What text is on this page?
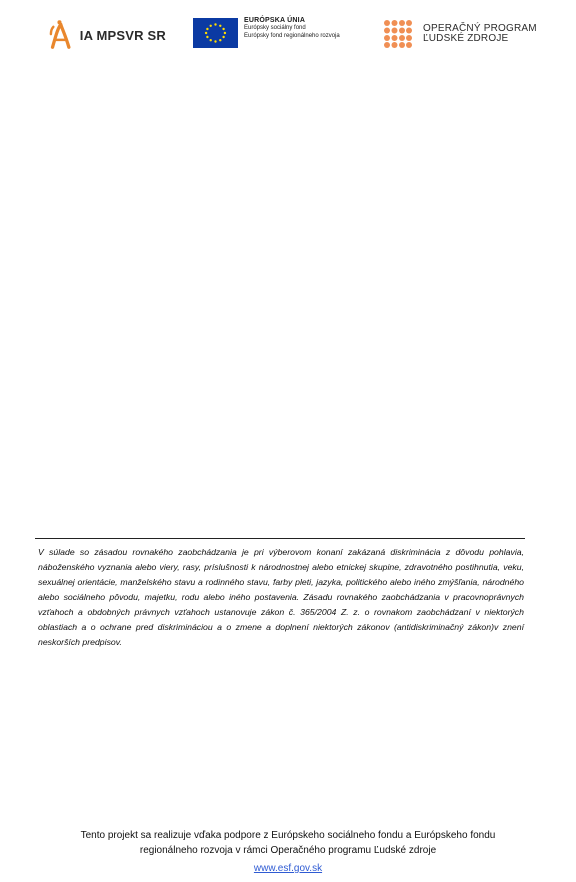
IA MPSVR SR
EURÓPSKA ÚNIA
Európsky sociálny fond
Európsky fond regionálneho rozvoja
OPERAČNÝ PROGRAM
ĽUDSKÉ ZDROJE

V súlade so zásadou rovnakého zaobchádzania je pri výberovom konaní zakázaná diskriminácia z dôvodu pohlavia, náboženského vyznania alebo viery, rasy, príslušnosti k národnostnej alebo etnickej skupine, zdravotného postihnutia, veku, sexuálnej orientácie, manželského stavu a rodinného stavu, farby pleti, jazyka, politického alebo iného zmýšľania, národného alebo sociálneho pôvodu, majetku, rodu alebo iného postavenia. Zásadu rovnakého zaobchádzania v pracovnoprávnych vzťahoch a obdobných právnych vzťahoch ustanovuje zákon č. 365/2004 Z. z. o rovnakom zaobchádzaní v niektorých oblastiach a o ochrane pred diskrimináciou a o zmene a doplnení niektorých zákonov (antidiskriminačný zákon)v znení neskorších predpisov.

Tento projekt sa realizuje vďaka podpore z Európskeho sociálneho fondu a Európskeho fondu
regionálneho rozvoja v rámci Operačného programu Ľudské zdroje
www.esf.gov.sk
